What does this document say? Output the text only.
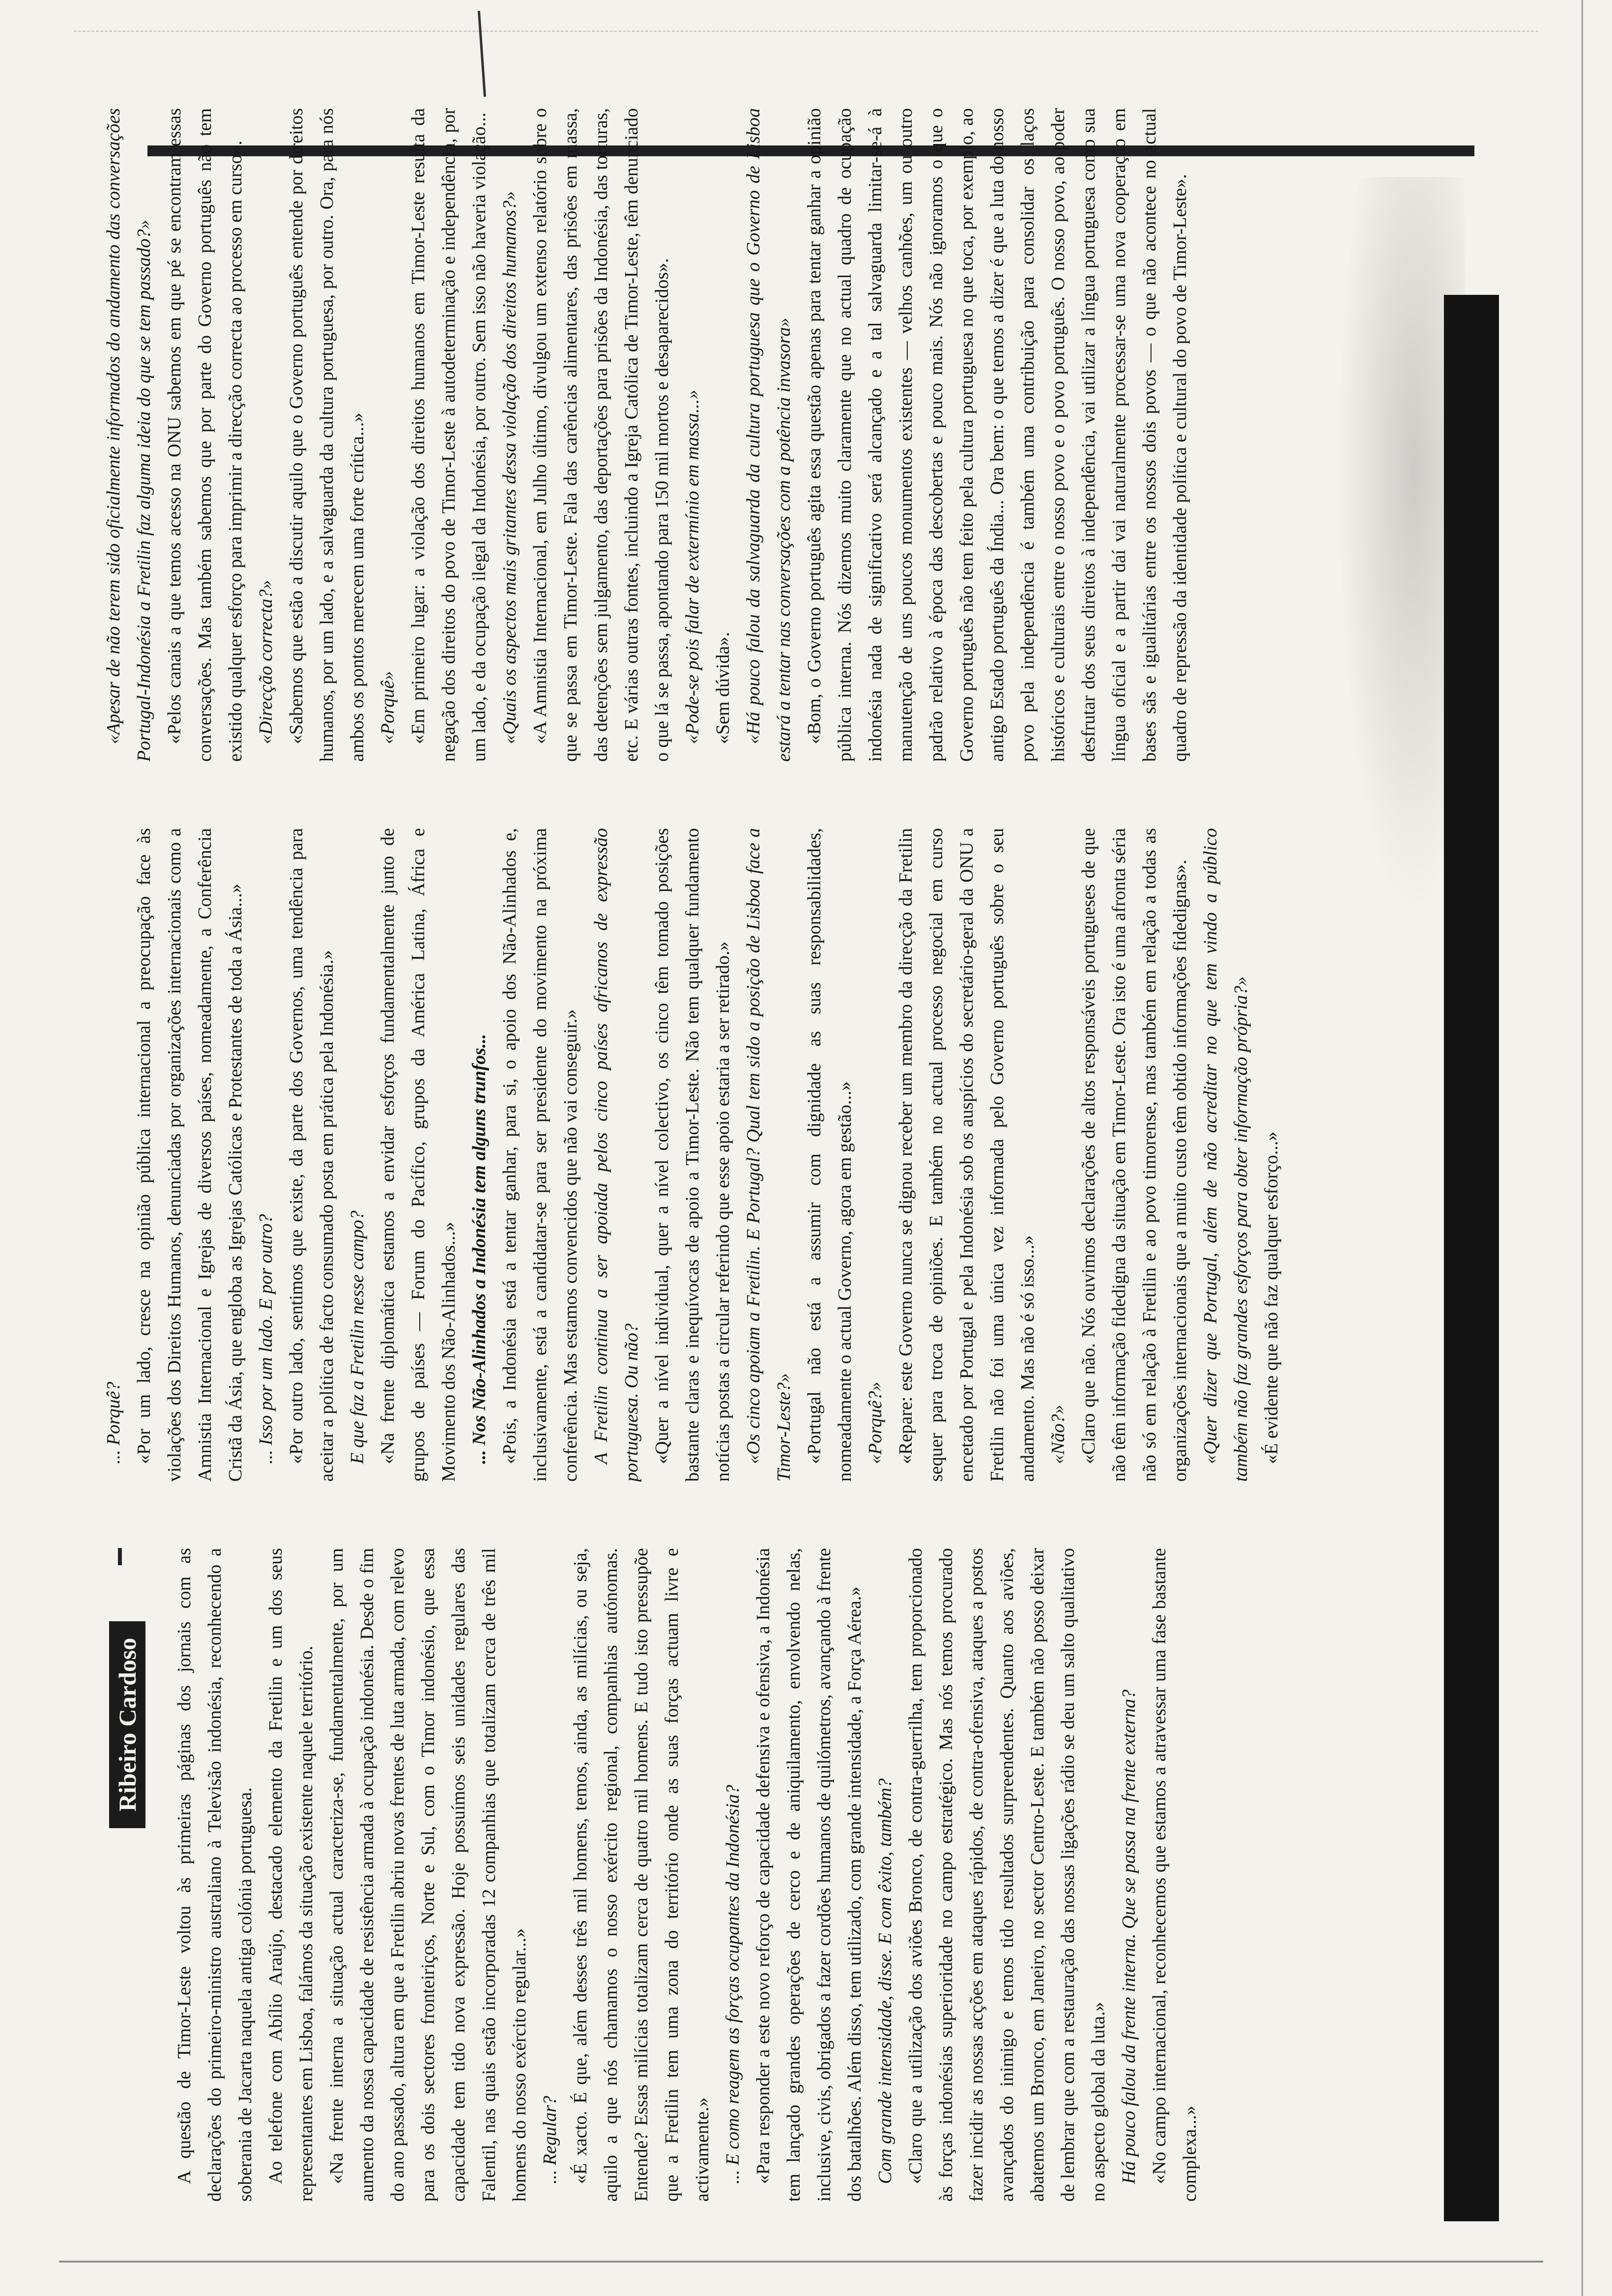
Ribeiro Cardoso	A questão de Timor-Leste voltou às primeiras páginas dos jornais com as declarações do primeiro-ministro australiano à Televisão indonésia, reconhecendo a soberania de Jacarta naquela antiga colónia portuguesa. Ao telefone com Abílio Araújo, destacado elemento da Fretilin e um dos seus representantes em Lisboa, falámos da situação existente naquele território. «Na frente interna a situação actual caracteriza-se, fundamentalmente, por um aumento da nossa capacidade de resistência armada à ocupação indonésia. Desde o fim do ano passado, altura em que a Fretilin abriu novas frentes de luta armada, com relevo para os dois sectores fronteiriços, Norte e Sul, com o Timor indonésio, que essa capacidade tem tido nova expressão. Hoje possuímos seis unidades regulares das Falentil, nas quais estão incorporadas 12 companhias que totalizam cerca de três mil homens do nosso exército regular...» ... Regular? «É xacto. É que, além desses três mil homens, temos, ainda, as milícias, ou seja, aquilo a que nós chamamos o nosso exército regional, companhias autónomas. Entende? Essas milícias totalizam cerca de quatro mil homens. E tudo isto pressupõe que a Fretilin tem uma zona do território onde as suas forças actuam livre e activamente.» ... E como reagem as forças ocupantes da Indonésia? «Para responder a este novo reforço de capacidade defensiva e ofensiva, a Indonésia tem lançado grandes operações de cerco e de aniquilamento, envolvendo nelas, inclusive, civis, obrigados a fazer cordões humanos de quilómetros, avançando à frente dos batalhões. Além disso, tem utilizado, com grande intensidade, a Força Aérea.» Com grande intensidade, disse. E com êxito, também? «Claro que a utilização dos aviões Bronco, de contra-guerrilha, tem proporcionado às forças indonésias superioridade no campo estratégico. Mas nós temos procurado fazer incidir as nossas acções em ataques rápidos, de contra-ofensiva, ataques a postos avançados do inimigo e temos tido resultados surpreendentes. Quanto aos aviões, abatemos um Bronco, em Janeiro, no sector Centro-Leste. E também não posso deixar de lembrar que com a restauração das nossas ligações rádio se deu um salto qualitativo no aspecto global da luta.» Há pouco falou da frente interna. Que se passa na frente externa? «No campo internacional, reconhecemos que estamos a atravessar uma fase bastante complexa...»

... Porquê? «Por um lado, cresce na opinião pública internacional a preocupação face às violações dos Direitos Humanos, denunciadas por organizações internacionais como a Amnistia Internacional e Igrejas de diversos países, nomeadamente, a Conferência Cristã da Ásia, que engloba as Igrejas Católicas e Protestantes de toda a Ásia...» ... Isso por um lado. E por outro? «Por outro lado, sentimos que existe, da parte dos Governos, uma tendência para aceitar a política de facto consumado posta em prática pela Indonésia.» E que faz a Fretilin nesse campo? «Na frente diplomática estamos a envidar esforços fundamentalmente junto de grupos de países — Forum do Pacífico, grupos da América Latina, África e Movimento dos Não-Alinhados...» ... Nos Não-Alinhados a Indonésia tem alguns trunfos... «Pois, a Indonésia está a tentar ganhar, para si, o apoio dos Não-Alinhados e, inclusivamente, está a candidatar-se para ser presidente do movimento na próxima conferência. Mas estamos convencidos que não vai conseguir.» A Fretilin continua a ser apoiada pelos cinco países africanos de expressão portuguesa. Ou não? «Quer a nível individual, quer a nível colectivo, os cinco têm tomado posições bastante claras e inequívocas de apoio a Timor-Leste. Não tem qualquer fundamento notícias postas a circular referindo que esse apoio estaria a ser retirado.» «Os cinco apoiam a Fretilin. E Portugal? Qual tem sido a posição de Lisboa face a Timor-Leste?» «Portugal não está a assumir com dignidade as suas responsabilidades, nomeadamente o actual Governo, agora em gestão...» «Porquê?» «Repare: este Governo nunca se dignou receber um membro da direcção da Fretilin sequer para troca de opiniões. E também no actual processo negocial em curso encetado por Portugal e pela Indonésia sob os auspícios do secretário-geral da ONU a Fretilin não foi uma única vez informada pelo Governo português sobre o seu andamento. Mas não é só isso...» «Não?» «Claro que não. Nós ouvimos declarações de altos responsáveis portugueses de que não têm informação fidedigna da situação em Timor-Leste. Ora isto é uma afronta séria não só em relação à Fretilin e ao povo timorense, mas também em relação a todas as organizações internacionais que a muito custo têm obtido informações fidedignas». «Quer dizer que Portugal, além de não acreditar no que tem vindo a público também não faz grandes esforços para obter informação própria?» «É evidente que não faz qualquer esforço...»

«Apesar de não terem sido oficialmente informados do andamento das conversações Portugal-Indonésia a Fretilin faz alguma ideia do que se tem passado?» «Pelos canais a que temos acesso na ONU sabemos em que pé se encontram essas conversações. Mas também sabemos que por parte do Governo português não tem existido qualquer esforço para imprimir a direcção correcta ao processo em curso». «Direcção correcta?» «Sabemos que estão a discutir aquilo que o Governo português entende por direitos humanos, por um lado, e a salvaguarda da cultura portuguesa, por outro. Ora, para nós ambos os pontos merecem uma forte crítica...» «Porquê» «Em primeiro lugar: a violação dos direitos humanos em Timor-Leste resulta da negação dos direitos do povo de Timor-Leste à autodeterminação e independência, por um lado, e da ocupação ilegal da Indonésia, por outro. Sem isso não haveria violação... «Quais os aspectos mais gritantes dessa violação dos direitos humanos?» «A Amnistia Internacional, em Julho último, divulgou um extenso relatório sobre o que se passa em Timor-Leste. Fala das carências alimentares, das prisões em massa, das detenções sem julgamento, das deportações para prisões da Indonésia, das torturas, etc. E várias outras fontes, incluindo a Igreja Católica de Timor-Leste, têm denunciado o que lá se passa, apontando para 150 mil mortos e desaparecidos». «Pode-se pois falar de extermínio em massa...» «Sem dúvida». «Há pouco falou da salvaguarda da cultura portuguesa que o Governo de Lisboa estará a tentar nas conversações com a potência invasora» «Bom, o Governo português agita essa questão apenas para tentar ganhar a opinião pública interna. Nós dizemos muito claramente que no actual quadro de ocupação indonésia nada de significativo será alcançado e a tal salvaguarda limitar-se-á à manutenção de uns poucos monumentos existentes — velhos canhões, um ou outro padrão relativo à época das descobertas e pouco mais. Nós não ignoramos o que o Governo português não tem feito pela cultura portuguesa no que toca, por exemplo, ao antigo Estado português da Índia... Ora bem: o que temos a dizer é que a luta do nosso povo pela independência é também uma contribuição para consolidar os laços históricos e culturais entre o nosso povo e o povo português. O nosso povo, ao poder desfrutar dos seus direitos à independência, vai utilizar a língua portuguesa como sua língua oficial e a partir daí vai naturalmente processar-se uma nova cooperação em bases sãs e igualitárias entre os nossos dois povos — o que não acontece no actual quadro de repressão da identidade política e cultural do povo de Timor-Leste».
